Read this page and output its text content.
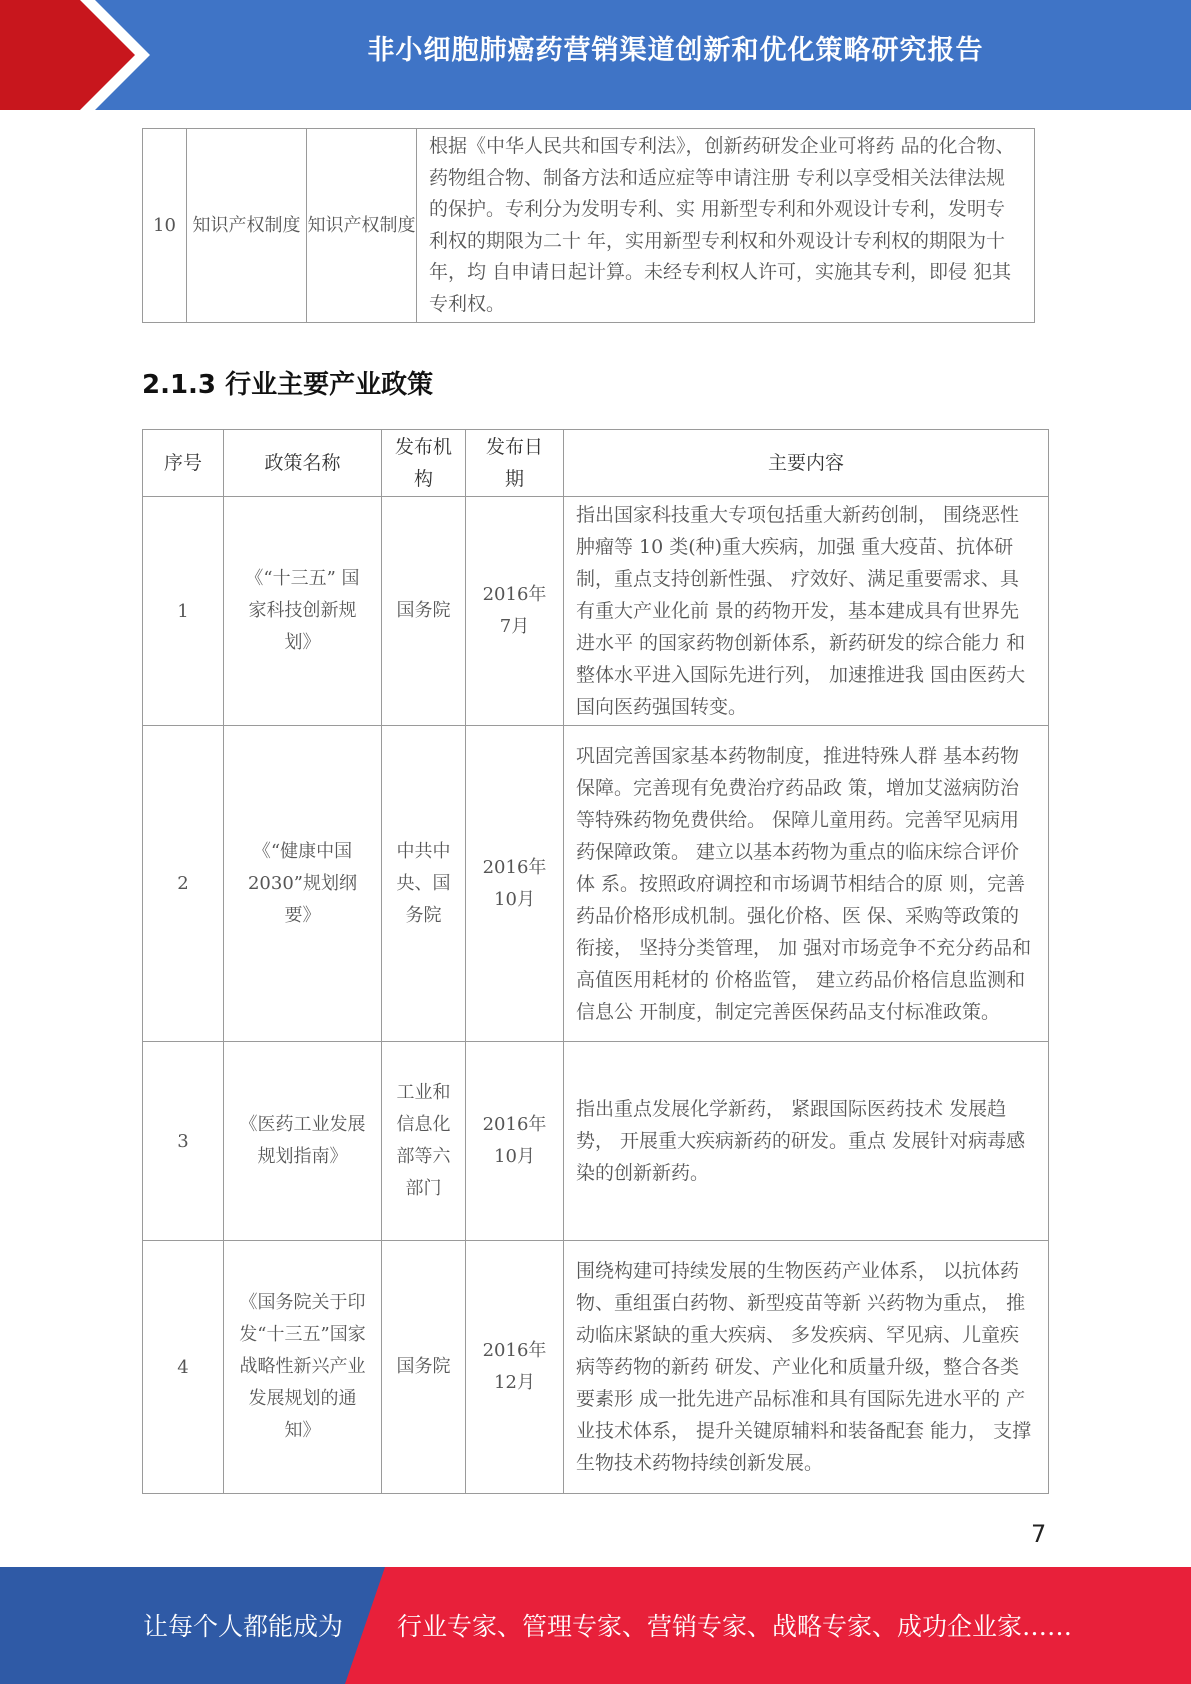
非小细胞肺癌药营销渠道创新和优化策略研究报告
10	知识产权制度	知识产权制度	根据《中华人民共和国专利法》，创新药研发企业可将药 品的化合物、药物组合物、制备方法和适应症等申请注册 专利以享受相关法律法规的保护。专利分为发明专利、实 用新型专利和外观设计专利，发明专利权的期限为二十 年，实用新型专利权和外观设计专利权的期限为十年，均 自申请日起计算。未经专利权人许可，实施其专利，即侵 犯其专利权。
2.1.3 行业主要产业政策
序号	政策名称	发布机构	发布日期	主要内容
1	《“十三五” 国家科技创新规划》	国务院	2016年 7月	指出国家科技重大专项包括重大新药创制， 围绕恶性肿瘤等 10 类(种)重大疾病，加强 重大疫苗、抗体研制，重点支持创新性强、 疗效好、满足重要需求、具有重大产业化前 景的药物开发，基本建成具有世界先进水平 的国家药物创新体系，新药研发的综合能力 和整体水平进入国际先进行列， 加速推进我 国由医药大国向医药强国转变。
2	《“健康中国2030”规划纲要》	中共中央、国务院	2016年 10月	巩固完善国家基本药物制度，推进特殊人群 基本药物保障。完善现有免费治疗药品政 策，增加艾滋病防治等特殊药物免费供给。 保障儿童用药。完善罕见病用药保障政策。 建立以基本药物为重点的临床综合评价体 系。按照政府调控和市场调节相结合的原 则，完善药品价格形成机制。强化价格、医 保、采购等政策的衔接， 坚持分类管理， 加 强对市场竞争不充分药品和高值医用耗材的 价格监管， 建立药品价格信息监测和信息公 开制度，制定完善医保药品支付标准政策。
3	《医药工业发展规划指南》	工业和信息化部等六部门	2016年 10月	指出重点发展化学新药， 紧跟国际医药技术 发展趋势， 开展重大疾病新药的研发。重点 发展针对病毒感染的创新新药。
4	《国务院关于印发“十三五”国家战略性新兴产业发展规划的通知》	国务院	2016年 12月	围绕构建可持续发展的生物医药产业体系， 以抗体药物、重组蛋白药物、新型疫苗等新 兴药物为重点， 推动临床紧缺的重大疾病、 多发疾病、罕见病、儿童疾病等药物的新药 研发、产业化和质量升级，整合各类要素形 成一批先进产品标准和具有国际先进水平的 产业技术体系， 提升关键原辅料和装备配套 能力， 支撑生物技术药物持续创新发展。
7
让每个人都能成为 行业专家、管理专家、营销专家、战略专家、成功企业家……
